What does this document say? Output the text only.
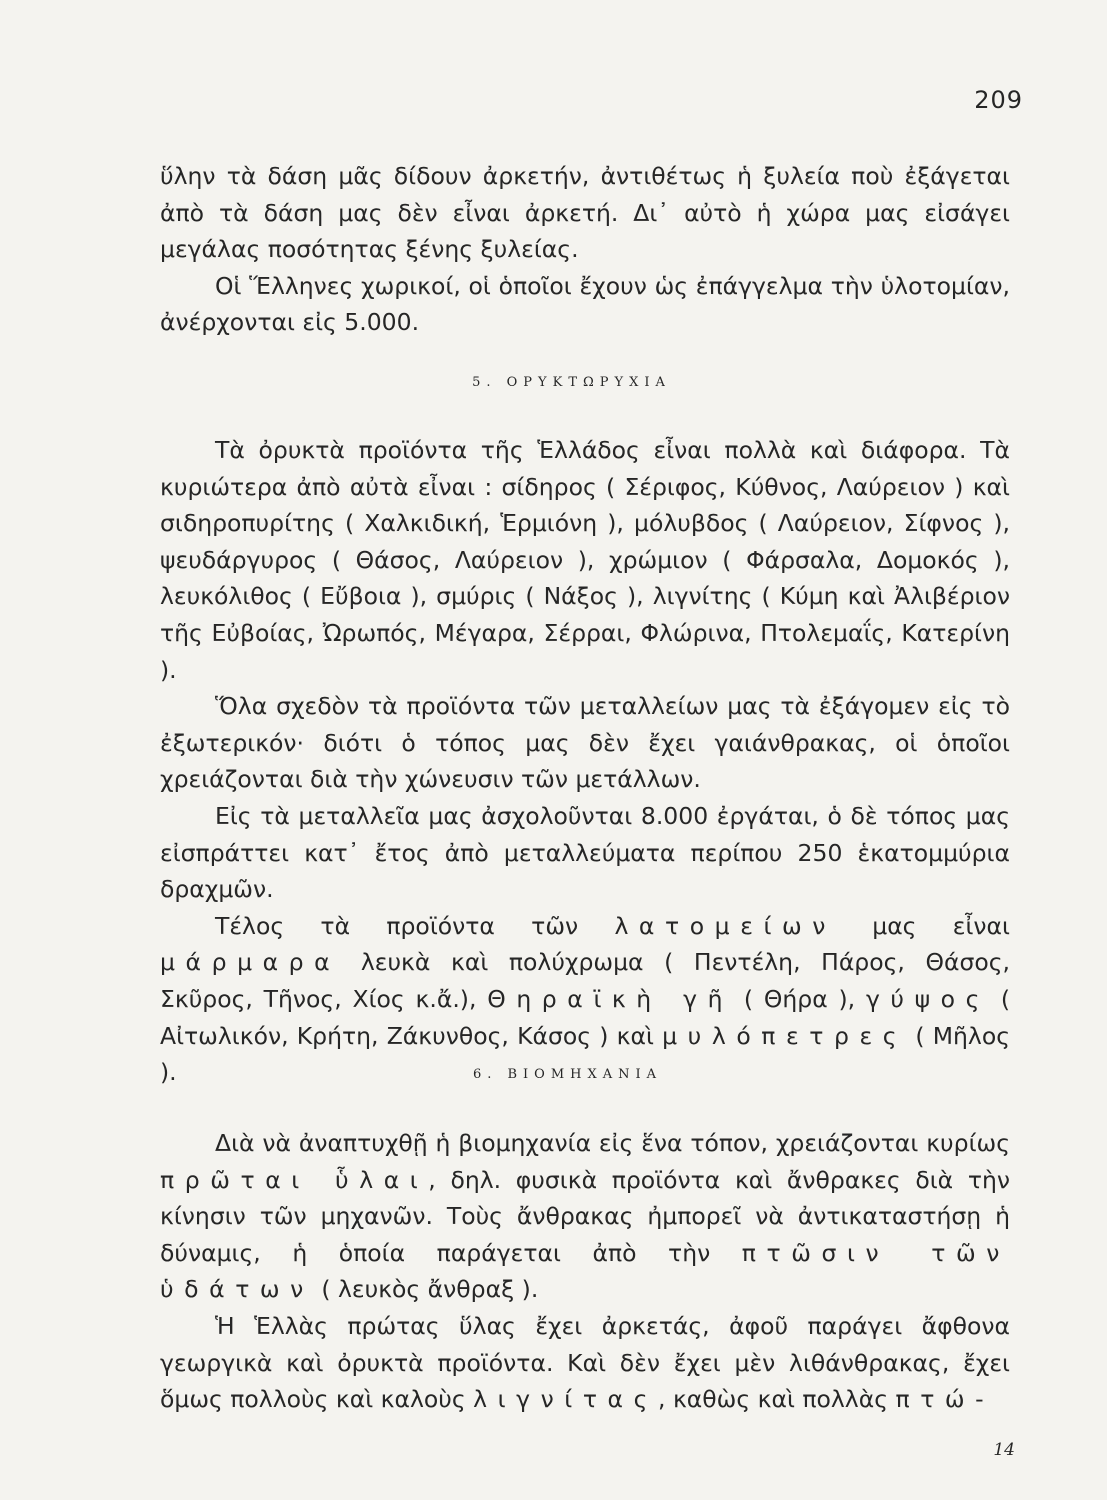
209

ὕλην τὰ δάση μᾶς δίδουν ἀρκετήν, ἀντιθέτως ἡ ξυλεία ποὺ ἐξάγεται ἀπὸ τὰ δάση μας δὲν εἶναι ἀρκετή. Δι᾿ αὐτὸ ἡ χώρα μας εἰσάγει μεγάλας ποσότητας ξένης ξυλείας.

Οἱ Ἕλληνες χωρικοί, οἱ ὁποῖοι ἔχουν ὡς ἐπάγγελμα τὴν ὑλοτομίαν, ἀνέρχονται εἰς 5.000.

5. ΟΡΥΚΤΩΡΥΧΙΑ

Τὰ ὀρυκτὰ προϊόντα τῆς Ἑλλάδος εἶναι πολλὰ καὶ διάφορα. Τὰ κυριώτερα ἀπὸ αὐτὰ εἶναι : σίδηρος ( Σέριφος, Κύθνος, Λαύρειον ) καὶ σιδηροπυρίτης ( Χαλκιδική, Ἑρμιόνη ), μόλυβδος ( Λαύρειον, Σίφνος ), ψευδάργυρος ( Θάσος, Λαύρειον ), χρώμιον ( Φάρσαλα, Δομοκός ), λευκόλιθος ( Εὔβοια ), σμύρις ( Νάξος ), λιγνίτης ( Κύμη καὶ Ἀλιβέριον τῆς Εὐβοίας, Ὠρωπός, Μέγαρα, Σέρραι, Φλώρινα, Πτολεμαΐς, Κατερίνη ).

Ὅλα σχεδὸν τὰ προϊόντα τῶν μεταλλείων μας τὰ ἐξάγομεν εἰς τὸ ἐξωτερικόν· διότι ὁ τόπος μας δὲν ἔχει γαιάνθρακας, οἱ ὁποῖοι χρειάζονται διὰ τὴν χώνευσιν τῶν μετάλλων.

Εἰς τὰ μεταλλεῖα μας ἀσχολοῦνται 8.000 ἐργάται, ὁ δὲ τόπος μας εἰσπράττει κατ᾿ ἔτος ἀπὸ μεταλλεύματα περίπου 250 ἑκατομμύρια δραχμῶν.

Τέλος τὰ προϊόντα τῶν λατομείων μας εἶναι μάρμαρα λευκὰ καὶ πολύχρωμα ( Πεντέλη, Πάρος, Θάσος, Σκῦρος, Τῆνος, Χίος κ.ἄ.), Θηραϊκὴ γῆ ( Θήρα ), γύψος ( Αἰτωλικόν, Κρήτη, Ζάκυνθος, Κάσος ) καὶ μυλόπετρες ( Μῆλος ).	6. ΒΙΟΜΗΧΑΝΙΑ

Διὰ νὰ ἀναπτυχθῇ ἡ βιομηχανία εἰς ἕνα τόπον, χρειάζονται κυρίως πρῶται ὗλαι, δηλ. φυσικὰ προϊόντα καὶ ἄνθρακες διὰ τὴν κίνησιν τῶν μηχανῶν. Τοὺς ἄνθρακας ἠμπορεῖ νὰ ἀντικαταστήσῃ ἡ δύναμις, ἡ ὁποία παράγεται ἀπὸ τὴν πτῶσιν τῶν ὑδάτων ( λευκὸς ἄνθραξ ).

Ἡ Ἑλλὰς πρώτας ὕλας ἔχει ἀρκετάς, ἀφοῦ παράγει ἄφθονα γεωργικὰ καὶ ὀρυκτὰ προϊόντα. Καὶ δὲν ἔχει μὲν λιθάνθρακας, ἔχει ὅμως πολλοὺς καὶ καλοὺς λιγνίτας, καθὼς καὶ πολλὰς πτώ-

14
